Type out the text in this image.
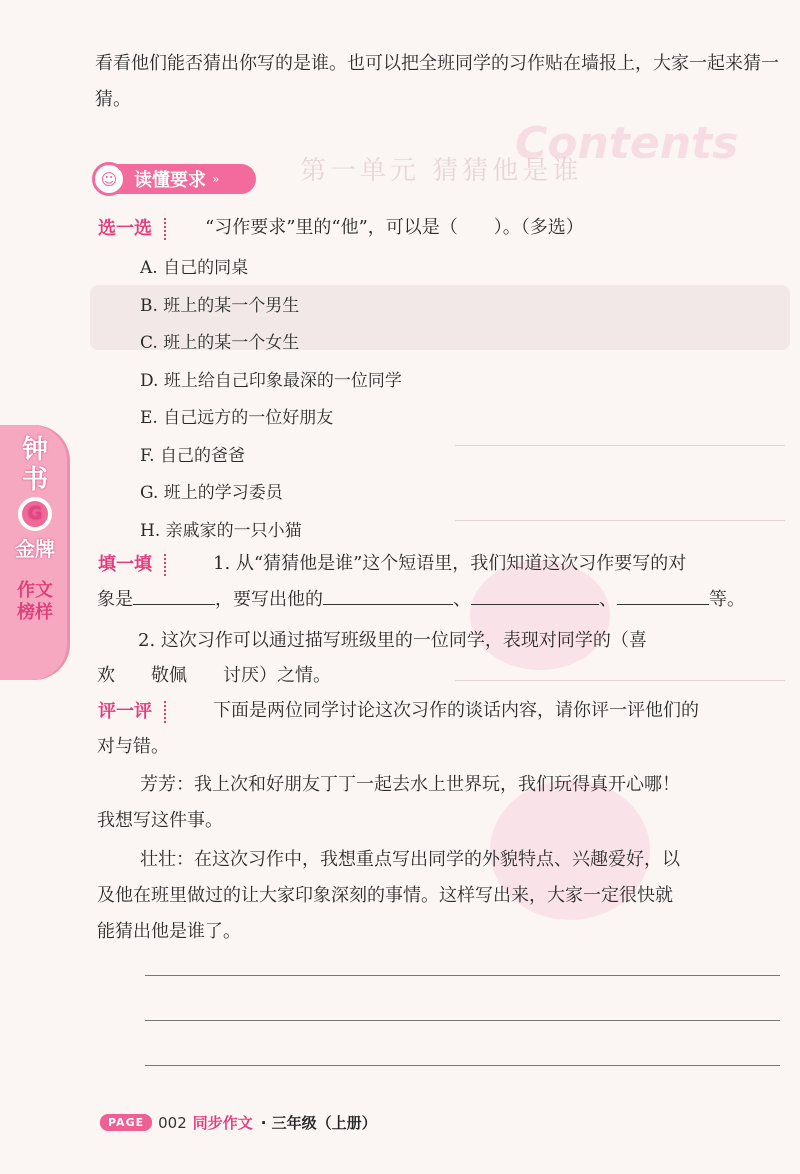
Contents
第一单元 猜猜他是谁
钟书
G
金牌
作文榜样
看看他们能否猜出你写的是谁。也可以把全班同学的习作贴在墙报上，大家一起来猜一猜。
☺ 读懂要求 »
选一选	“习作要求”里的“他”，可以是（　　）。（多选）
A. 自己的同桌
B. 班上的某一个男生
C. 班上的某一个女生
D. 班上给自己印象最深的一位同学
E. 自己远方的一位好朋友
F. 自己的爸爸
G. 班上的学习委员
H. 亲戚家的一只小猫
填一填	1. 从“猜猜他是谁”这个短语里，我们知道这次习作要写的对
象是	，要写出他的	、	、	等。
2. 这次习作可以通过描写班级里的一位同学，表现对同学的（喜
欢　　敬佩　　讨厌）之情。
评一评	下面是两位同学讨论这次习作的谈话内容，请你评一评他们的
对与错。
芳芳：我上次和好朋友丁丁一起去水上世界玩，我们玩得真开心哪！
我想写这件事。
壮壮：在这次习作中，我想重点写出同学的外貌特点、兴趣爱好，以
及他在班里做过的让大家印象深刻的事情。这样写出来，大家一定很快就
能猜出他是谁了。
PAGE 002 同步作文 · 三年级（上册）
